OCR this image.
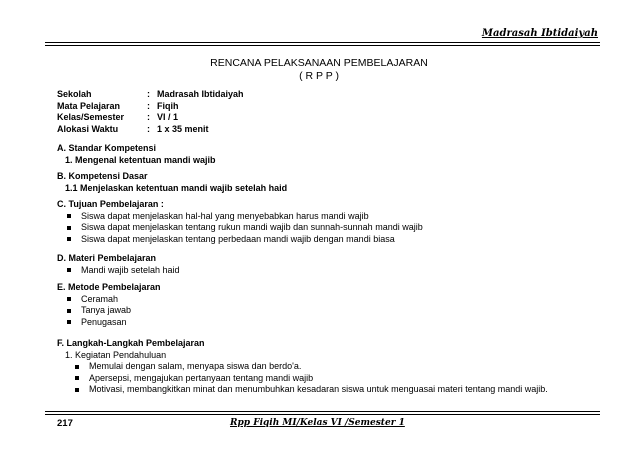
Madrasah Ibtidaiyah
RENCANA PELAKSANAAN PEMBELAJARAN
( R P P )
Sekolah	: Madrasah Ibtidaiyah
Mata Pelajaran	: Fiqih
Kelas/Semester	: VI / 1
Alokasi Waktu	: 1 x 35 menit
A. Standar Kompetensi
1. Mengenal ketentuan mandi wajib
B. Kompetensi Dasar
1.1 Menjelaskan ketentuan mandi wajib setelah haid
C. Tujuan Pembelajaran :
Siswa dapat menjelaskan hal-hal yang menyebabkan harus mandi wajib
Siswa dapat menjelaskan tentang rukun mandi wajib dan sunnah-sunnah mandi wajib
Siswa dapat menjelaskan tentang perbedaan mandi wajib dengan mandi biasa
D. Materi Pembelajaran
Mandi wajib setelah haid
E. Metode Pembelajaran
Ceramah
Tanya jawab
Penugasan
F. Langkah-Langkah Pembelajaran
1. Kegiatan Pendahuluan
Memulai dengan salam, menyapa siswa dan berdo'a.
Apersepsi, mengajukan pertanyaan tentang mandi wajib
Motivasi, membangkitkan minat dan menumbuhkan kesadaran siswa untuk menguasai materi tentang mandi wajib.
217	Rpp Fiqih MI/Kelas VI /Semester 1
